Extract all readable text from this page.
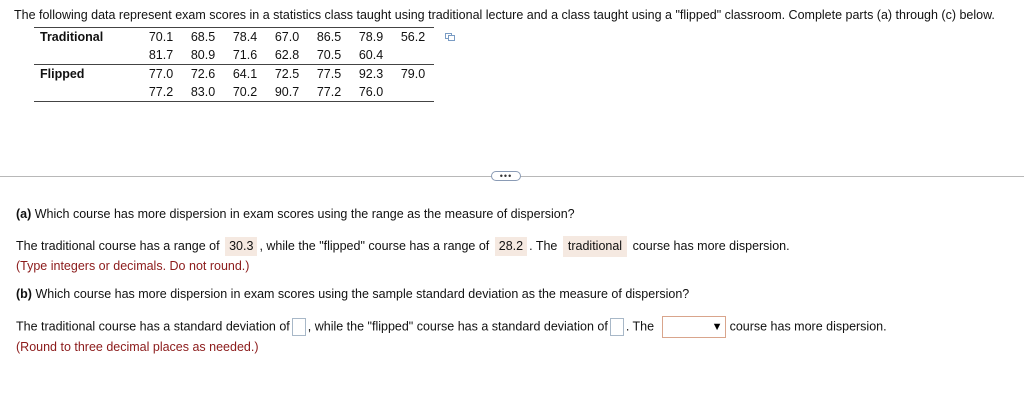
The following data represent exam scores in a statistics class taught using traditional lecture and a class taught using a "flipped" classroom. Complete parts (a) through (c) below.
Traditional	70.1	68.5	78.4	67.0	86.5	78.9	56.2
	81.7	80.9	71.6	62.8	70.5	60.4	
Flipped	77.0	72.6	64.1	72.5	77.5	92.3	79.0
	77.2	83.0	70.2	90.7	77.2	76.0	
•••
(a) Which course has more dispersion in exam scores using the range as the measure of dispersion?
The traditional course has a range of 30.3 , while the "flipped" course has a range of 28.2 . The traditional course has more dispersion.
(Type integers or decimals. Do not round.)
(b) Which course has more dispersion in exam scores using the sample standard deviation as the measure of dispersion?
The traditional course has a standard deviation of , while the "flipped" course has a standard deviation of . The	▼ course has more dispersion.
(Round to three decimal places as needed.)
